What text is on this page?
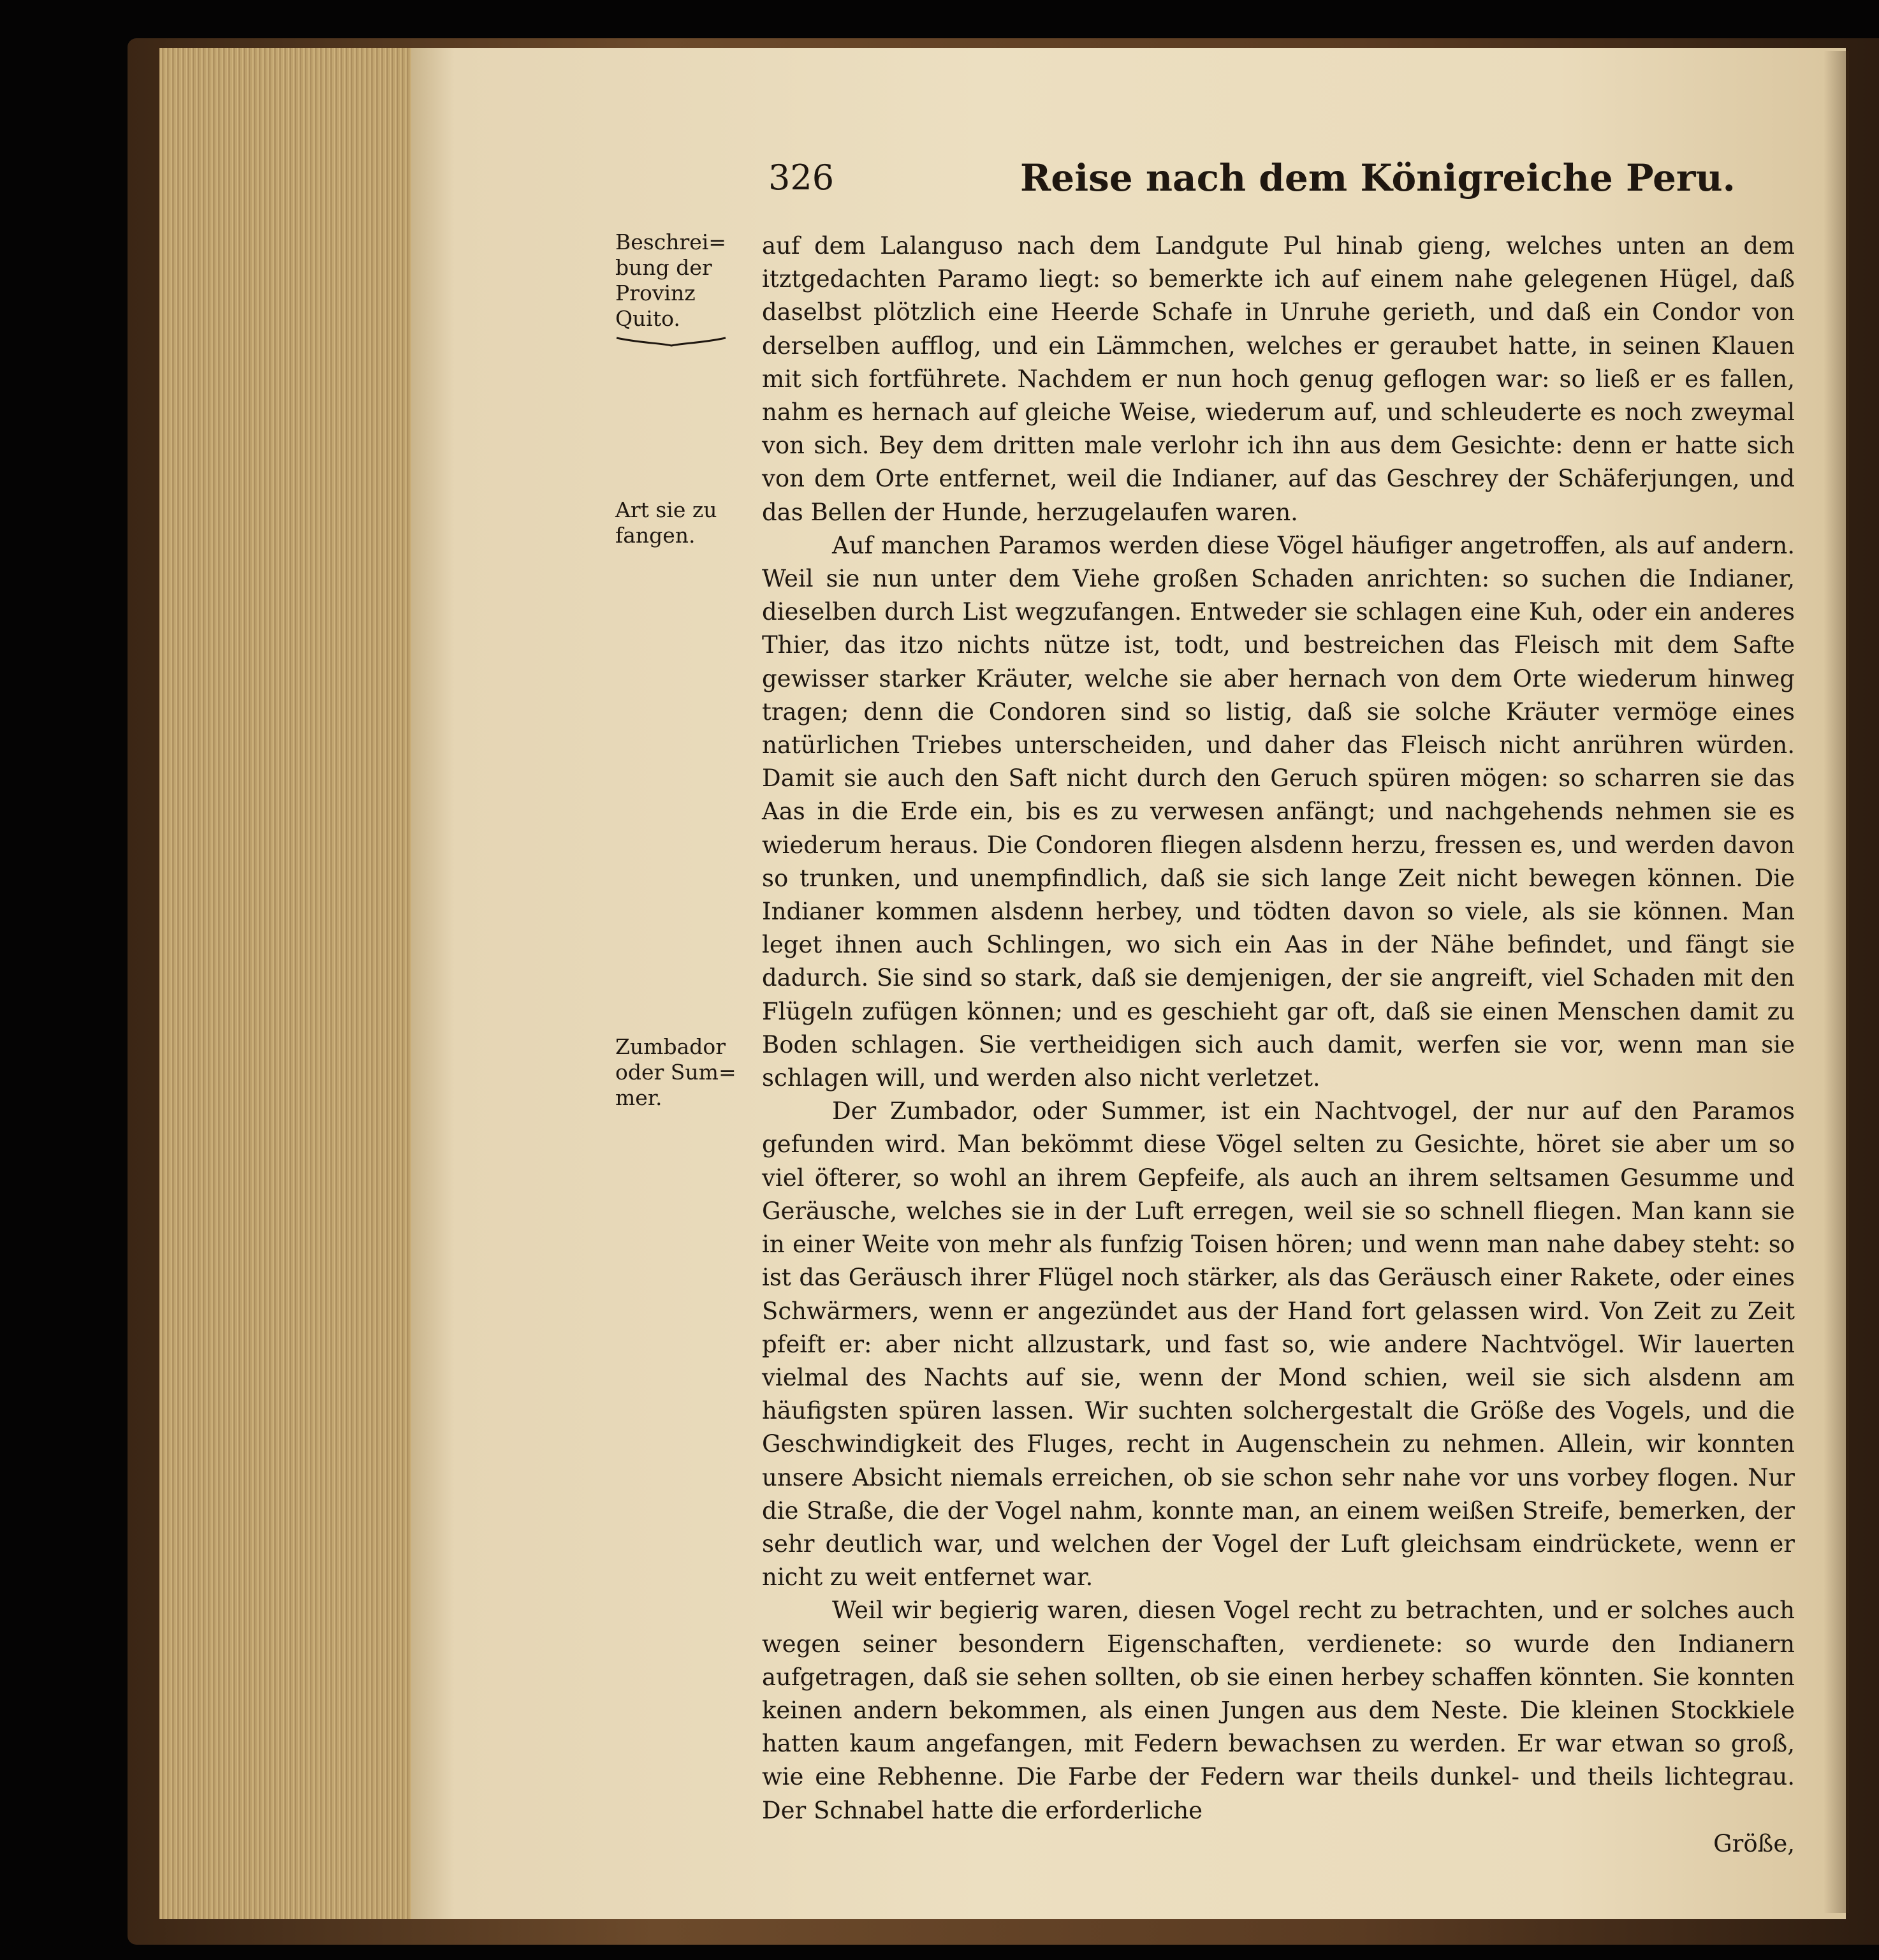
326	Reise nach dem Königreiche Peru.
Beschrei=
bung der
Provinz
Quito.
Art sie zu
fangen.
Zumbador
oder Sum=
mer.

auf dem Lalanguso nach dem Landgute Pul hinab gieng, welches unten an dem itztgedachten Paramo liegt: so bemerkte ich auf einem nahe gelegenen Hügel, daß daselbst plötzlich eine Heerde Schafe in Unruhe gerieth, und daß ein Condor von derselben aufflog, und ein Lämmchen, welches er geraubet hatte, in seinen Klauen mit sich fortführete. Nachdem er nun hoch genug geflogen war: so ließ er es fallen, nahm es hernach auf gleiche Weise, wiederum auf, und schleuderte es noch zweymal von sich. Bey dem dritten male verlohr ich ihn aus dem Gesichte: denn er hatte sich von dem Orte entfernet, weil die Indianer, auf das Geschrey der Schäferjungen, und das Bellen der Hunde, herzugelaufen waren.

Auf manchen Paramos werden diese Vögel häufiger angetroffen, als auf andern. Weil sie nun unter dem Viehe großen Schaden anrichten: so suchen die Indianer, dieselben durch List wegzufangen. Entweder sie schlagen eine Kuh, oder ein anderes Thier, das itzo nichts nütze ist, todt, und bestreichen das Fleisch mit dem Safte gewisser starker Kräuter, welche sie aber hernach von dem Orte wiederum hinweg tragen; denn die Condoren sind so listig, daß sie solche Kräuter vermöge eines natürlichen Triebes unterscheiden, und daher das Fleisch nicht anrühren würden. Damit sie auch den Saft nicht durch den Geruch spüren mögen: so scharren sie das Aas in die Erde ein, bis es zu verwesen anfängt; und nachgehends nehmen sie es wiederum heraus. Die Condoren fliegen alsdenn herzu, fressen es, und werden davon so trunken, und unempfindlich, daß sie sich lange Zeit nicht bewegen können. Die Indianer kommen alsdenn herbey, und tödten davon so viele, als sie können. Man leget ihnen auch Schlingen, wo sich ein Aas in der Nähe befindet, und fängt sie dadurch. Sie sind so stark, daß sie demjenigen, der sie angreift, viel Schaden mit den Flügeln zufügen können; und es geschieht gar oft, daß sie einen Menschen damit zu Boden schlagen. Sie vertheidigen sich auch damit, werfen sie vor, wenn man sie schlagen will, und werden also nicht verletzet.

Der Zumbador, oder Summer, ist ein Nachtvogel, der nur auf den Paramos gefunden wird. Man bekömmt diese Vögel selten zu Gesichte, höret sie aber um so viel öfterer, so wohl an ihrem Gepfeife, als auch an ihrem seltsamen Gesumme und Geräusche, welches sie in der Luft erregen, weil sie so schnell fliegen. Man kann sie in einer Weite von mehr als funfzig Toisen hören; und wenn man nahe dabey steht: so ist das Geräusch ihrer Flügel noch stärker, als das Geräusch einer Rakete, oder eines Schwärmers, wenn er angezündet aus der Hand fort gelassen wird. Von Zeit zu Zeit pfeift er: aber nicht allzustark, und fast so, wie andere Nachtvögel. Wir lauerten vielmal des Nachts auf sie, wenn der Mond schien, weil sie sich alsdenn am häufigsten spüren lassen. Wir suchten solchergestalt die Größe des Vogels, und die Geschwindigkeit des Fluges, recht in Augenschein zu nehmen. Allein, wir konnten unsere Absicht niemals erreichen, ob sie schon sehr nahe vor uns vorbey flogen. Nur die Straße, die der Vogel nahm, konnte man, an einem weißen Streife, bemerken, der sehr deutlich war, und welchen der Vogel der Luft gleichsam eindrückete, wenn er nicht zu weit entfernet war.

Weil wir begierig waren, diesen Vogel recht zu betrachten, und er solches auch wegen seiner besondern Eigenschaften, verdienete: so wurde den Indianern aufgetragen, daß sie sehen sollten, ob sie einen herbey schaffen könnten. Sie konnten keinen andern bekommen, als einen Jungen aus dem Neste. Die kleinen Stockkiele hatten kaum angefangen, mit Federn bewachsen zu werden. Er war etwan so groß, wie eine Rebhenne. Die Farbe der Federn war theils dunkel- und theils lichtegrau. Der Schnabel hatte die erforderliche

Größe,
